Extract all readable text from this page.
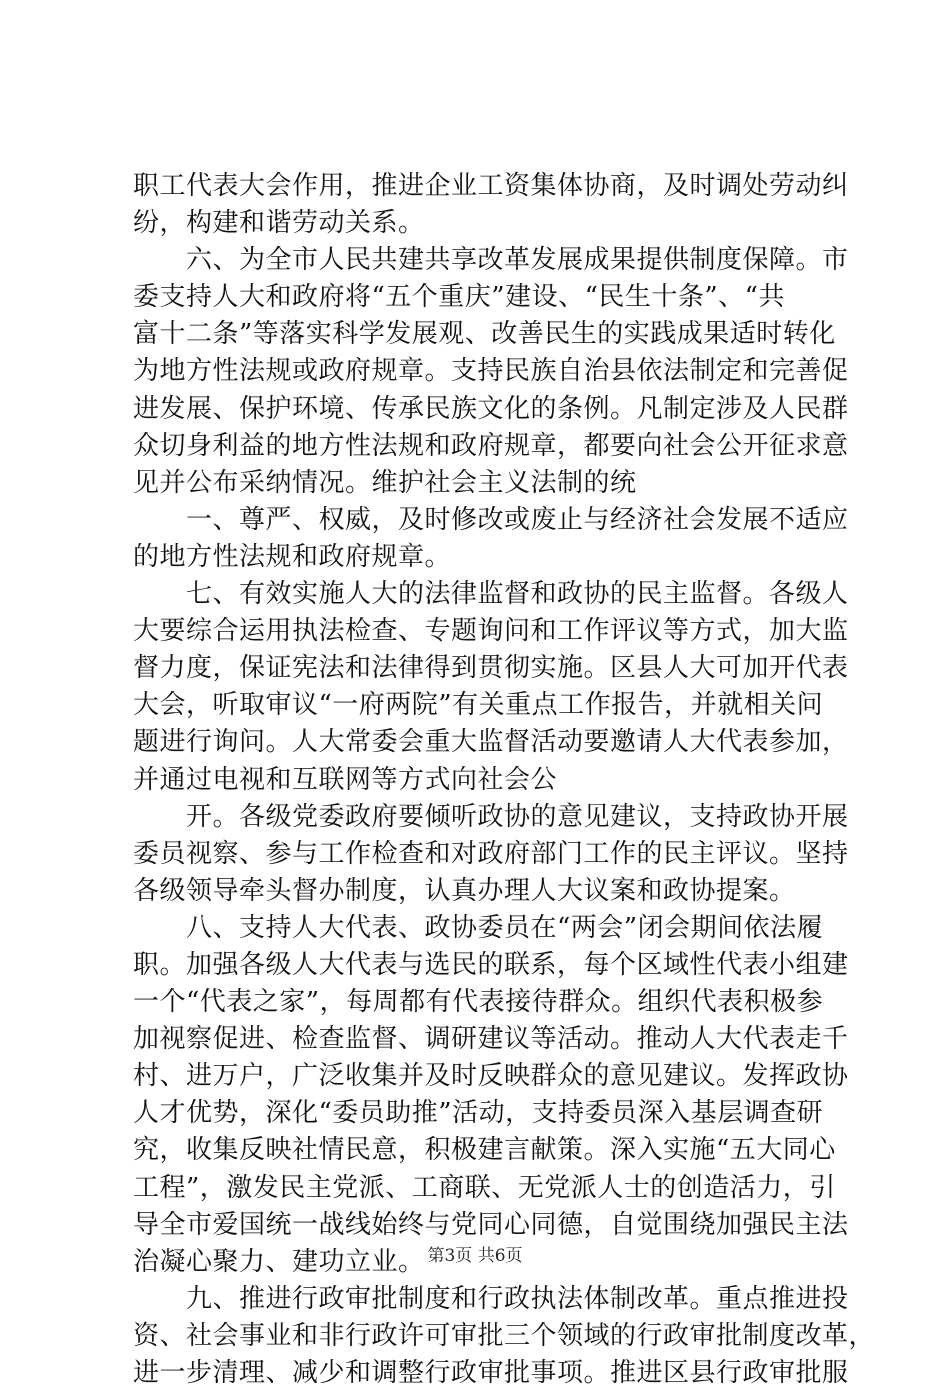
职工代表大会作用，推进企业工资集体协商，及时调处劳动纠
纷，构建和谐劳动关系。
　　六、为全市人民共建共享改革发展成果提供制度保障。市
委支持人大和政府将“五个重庆”建设、“民生十条”、“共
富十二条”等落实科学发展观、改善民生的实践成果适时转化
为地方性法规或政府规章。支持民族自治县依法制定和完善促
进发展、保护环境、传承民族文化的条例。凡制定涉及人民群
众切身利益的地方性法规和政府规章，都要向社会公开征求意
见并公布采纳情况。维护社会主义法制的统
　　一、尊严、权威，及时修改或废止与经济社会发展不适应
的地方性法规和政府规章。
　　七、有效实施人大的法律监督和政协的民主监督。各级人
大要综合运用执法检查、专题询问和工作评议等方式，加大监
督力度，保证宪法和法律得到贯彻实施。区县人大可加开代表
大会，听取审议“一府两院”有关重点工作报告，并就相关问
题进行询问。人大常委会重大监督活动要邀请人大代表参加，
并通过电视和互联网等方式向社会公
　　开。各级党委政府要倾听政协的意见建议，支持政协开展
委员视察、参与工作检查和对政府部门工作的民主评议。坚持
各级领导牵头督办制度，认真办理人大议案和政协提案。
　　八、支持人大代表、政协委员在“两会”闭会期间依法履
职。加强各级人大代表与选民的联系，每个区域性代表小组建
一个“代表之家”，每周都有代表接待群众。组织代表积极参
加视察促进、检查监督、调研建议等活动。推动人大代表走千
村、进万户，广泛收集并及时反映群众的意见建议。发挥政协
人才优势，深化“委员助推”活动，支持委员深入基层调查研
究，收集反映社情民意，积极建言献策。深入实施“五大同心
工程”，激发民主党派、工商联、无党派人士的创造活力，引
导全市爱国统一战线始终与党同心同德，自觉围绕加强民主法
治凝心聚力、建功立业。
　　九、推进行政审批制度和行政执法体制改革。重点推进投
资、社会事业和非行政许可审批三个领域的行政审批制度改革，
进一步清理、减少和调整行政审批事项。推进区县行政审批服
第3页 共6页
